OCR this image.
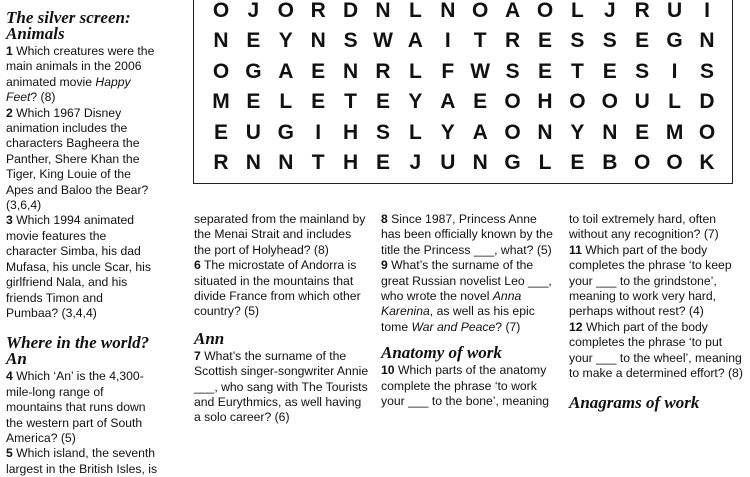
The silver screen: Animals

1 Which creatures were the main animals in the 2006 animated movie Happy Feet? (8)

2 Which 1967 Disney animation includes the characters Bagheera the Panther, Shere Khan the Tiger, King Louie of the Apes and Baloo the Bear? (3,6,4)

3 Which 1994 animated movie features the character Simba, his dad Mufasa, his uncle Scar, his girlfriend Nala, and his friends Timon and Pumbaa? (3,4,4)

Where in the world? An

4 Which ‘An’ is the 4,300-mile-long range of mountains that runs down the western part of South America? (5)

5 Which island, the seventh largest in the British Isles, is

O J O R D N L N O A O L J R U	I
N E Y N S W A	I	T R E S S E G N
O G A E N R L F W S E T E S	I	S
M E L E T E Y A E O H O O U L D
E U G	I	H S L Y A O N Y N E M O
R N N T H E J U N G L E B O O K

separated from the mainland by the Menai Strait and includes the port of Holyhead? (8)

6 The microstate of Andorra is situated in the mountains that divide France from which other country? (5)

Ann

7 What’s the surname of the Scottish singer-songwriter Annie ___, who sang with The Tourists and Eurythmics, as well having a solo career? (6)

8 Since 1987, Princess Anne has been officially known by the title the Princess ___, what? (5)

9 What’s the surname of the great Russian novelist Leo ___, who wrote the novel Anna Karenina, as well as his epic tome War and Peace? (7)

Anatomy of work

10 Which parts of the anatomy complete the phrase ‘to work your ___ to the bone’, meaning

to toil extremely hard, often without any recognition? (7)

11 Which part of the body completes the phrase ‘to keep your ___ to the grindstone’, meaning to work very hard, perhaps without rest? (4)

12 Which part of the body completes the phrase ‘to put your ___ to the wheel’, meaning to make a determined effort? (8)

Anagrams of work
